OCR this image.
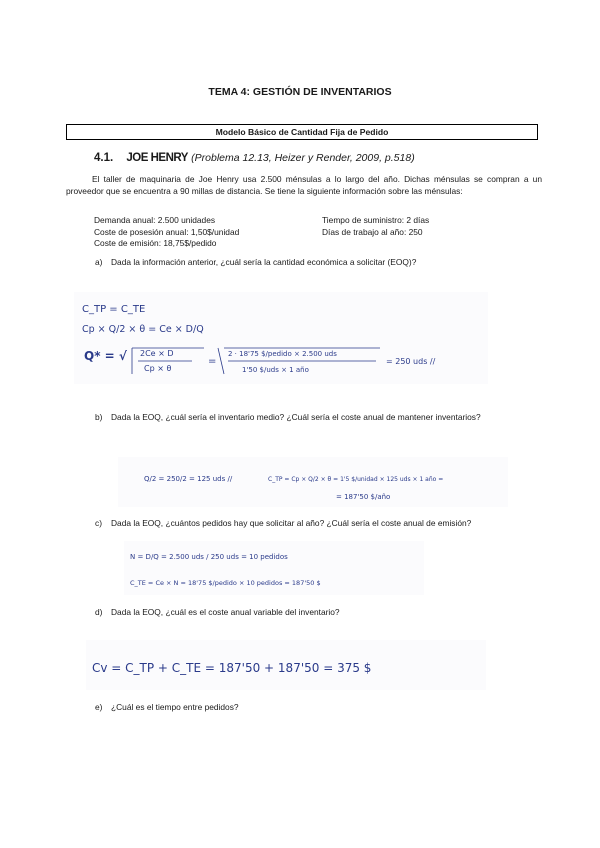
TEMA 4: GESTIÓN DE INVENTARIOS
Modelo Básico de Cantidad Fija de Pedido
4.1. JOE HENRY (Problema 12.13, Heizer y Render, 2009, p.518)
El taller de maquinaria de Joe Henry usa 2.500 ménsulas a lo largo del año. Dichas ménsulas se compran a un proveedor que se encuentra a 90 millas de distancia. Se tiene la siguiente información sobre las ménsulas:
Demanda anual: 2.500 unidades
Coste de posesión anual: 1,50$/unidad
Coste de emisión: 18,75$/pedido
Tiempo de suministro: 2 días
Días de trabajo al año: 250
a) Dada la información anterior, ¿cuál sería la cantidad económica a solicitar (EOQ)?
C_TP = C_TE
Cp × Q/2 × θ = Ce × D/Q
Q* = √ 2Ce × D
Cp × θ
=
2 · 18'75 $/pedido × 2.500 uds
1'50 $/uds × 1 año
= 250 uds //
b) Dada la EOQ, ¿cuál sería el inventario medio? ¿Cuál sería el coste anual de mantener inventarios?
Q/2 = 250/2 = 125 uds //	C_TP = Cp × Q/2 × θ = 1'5 $/unidad × 125 uds × 1 año =
= 187'50 $/año
c) Dada la EOQ, ¿cuántos pedidos hay que solicitar al año? ¿Cuál sería el coste anual de emisión?
N = D/Q = 2.500 uds / 250 uds = 10 pedidos
C_TE = Ce × N = 18'75 $/pedido × 10 pedidos = 187'50 $
d) Dada la EOQ, ¿cuál es el coste anual variable del inventario?
Cv = C_TP + C_TE = 187'50 + 187'50 = 375 $
e) ¿Cuál es el tiempo entre pedidos?
